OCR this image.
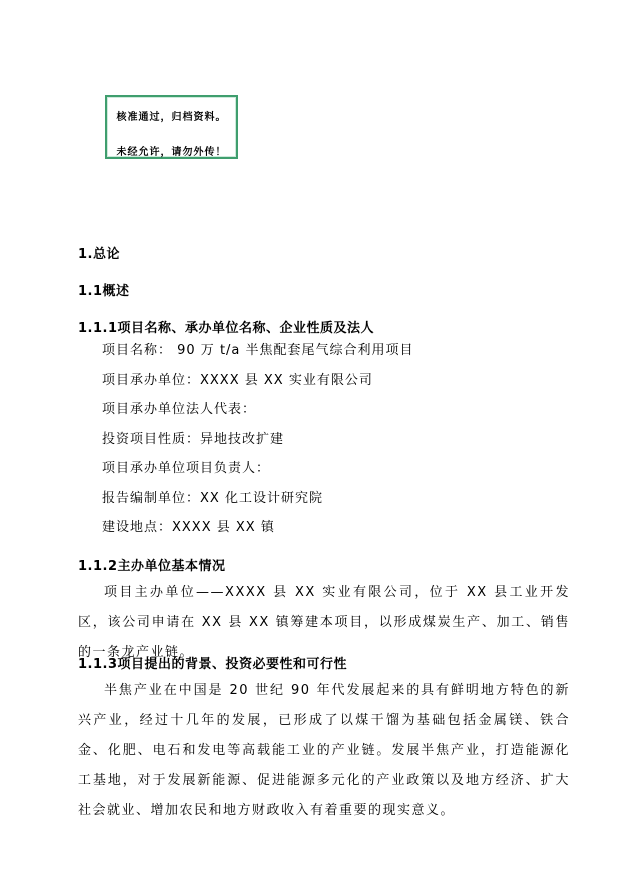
核准通过，归档资料。
未经允许，请勿外传！
1.总论
1.1概述
1.1.1项目名称、承办单位名称、企业性质及法人
项目名称： 90 万 t/a 半焦配套尾气综合利用项目
项目承办单位：XXXX 县 XX 实业有限公司
项目承办单位法人代表：
投资项目性质：异地技改扩建
项目承办单位项目负责人：
报告编制单位：XX 化工设计研究院
建设地点：XXXX 县 XX 镇
1.1.2主办单位基本情况

项目主办单位——XXXX 县 XX 实业有限公司，位于 XX 县工业开发区，该公司申请在 XX 县 XX 镇筹建本项目，以形成煤炭生产、加工、销售的一条龙产业链。

1.1.3项目提出的背景、投资必要性和可行性

半焦产业在中国是 20 世纪 90 年代发展起来的具有鲜明地方特色的新兴产业，经过十几年的发展，已形成了以煤干馏为基础包括金属镁、铁合金、化肥、电石和发电等高载能工业的产业链。发展半焦产业，打造能源化工基地，对于发展新能源、促进能源多元化的产业政策以及地方经济、扩大社会就业、增加农民和地方财政收入有着重要的现实意义。
